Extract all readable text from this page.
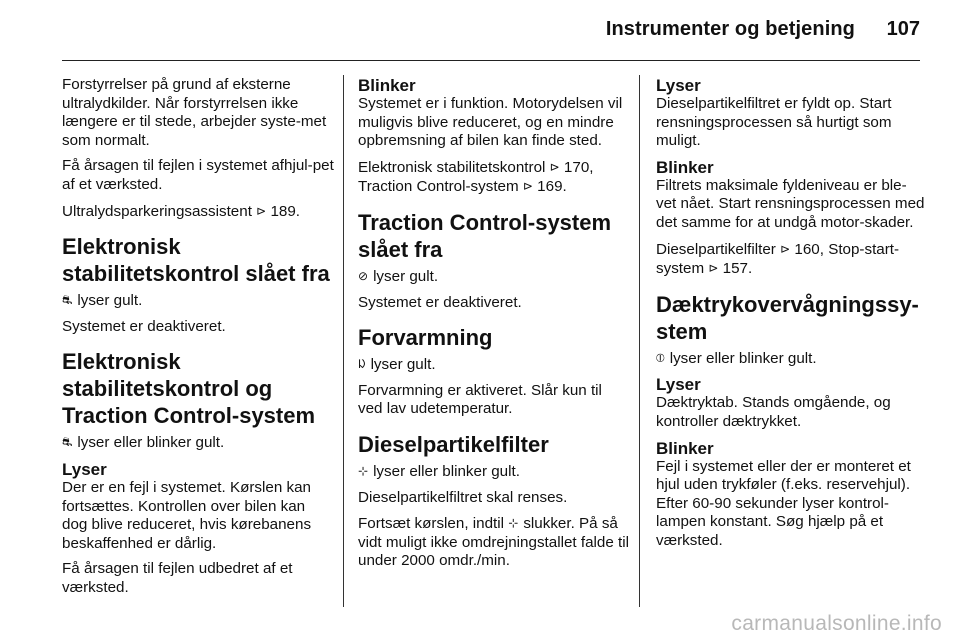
Instrumenter og betjening 107

Forstyrrelser på grund af eksterne ultralydkilder. Når forstyrrelsen ikke længere er til stede, arbejder syste-met som normalt.

Få årsagen til fejlen i systemet afhjul-pet af et værksted.

Ultralydsparkeringsassistent ⊳ 189.

Elektronisk stabilitetskontrol slået fra

⛐ lyser gult.

Systemet er deaktiveret.

Elektronisk stabilitetskontrol og Traction Control-system

⛐ lyser eller blinker gult.

Lyser

Der er en fejl i systemet. Kørslen kan fortsættes. Kontrollen over bilen kan dog blive reduceret, hvis kørebanens beskaffenhed er dårlig.

Få årsagen til fejlen udbedret af et værksted.

Blinker

Systemet er i funktion. Motorydelsen vil muligvis blive reduceret, og en mindre opbremsning af bilen kan finde sted.

Elektronisk stabilitetskontrol ⊳ 170, Traction Control-system ⊳ 169.

Traction Control-system slået fra

⊘ lyser gult.

Systemet er deaktiveret.

Forvarmning

ᱡ lyser gult.

Forvarmning er aktiveret. Slår kun til ved lav udetemperatur.

Dieselpartikelfilter

⊹ lyser eller blinker gult.

Dieselpartikelfiltret skal renses.

Fortsæt kørslen, indtil ⊹ slukker. På så vidt muligt ikke omdrejningstallet falde til under 2000 omdr./min.

Lyser

Dieselpartikelfiltret er fyldt op. Start rensningsprocessen så hurtigt som muligt.

Blinker

Filtrets maksimale fyldeniveau er ble-vet nået. Start rensningsprocessen med det samme for at undgå motor-skader.

Dieselpartikelfilter ⊳ 160, Stop-start-system ⊳ 157.

Dæktrykovervågningssy-stem

⦶ lyser eller blinker gult.

Lyser

Dæktryktab. Stands omgående, og kontroller dæktrykket.

Blinker

Fejl i systemet eller der er monteret et hjul uden trykføler (f.eks. reservehjul). Efter 60-90 sekunder lyser kontrol-lampen konstant. Søg hjælp på et værksted.

carmanualsonline.info
